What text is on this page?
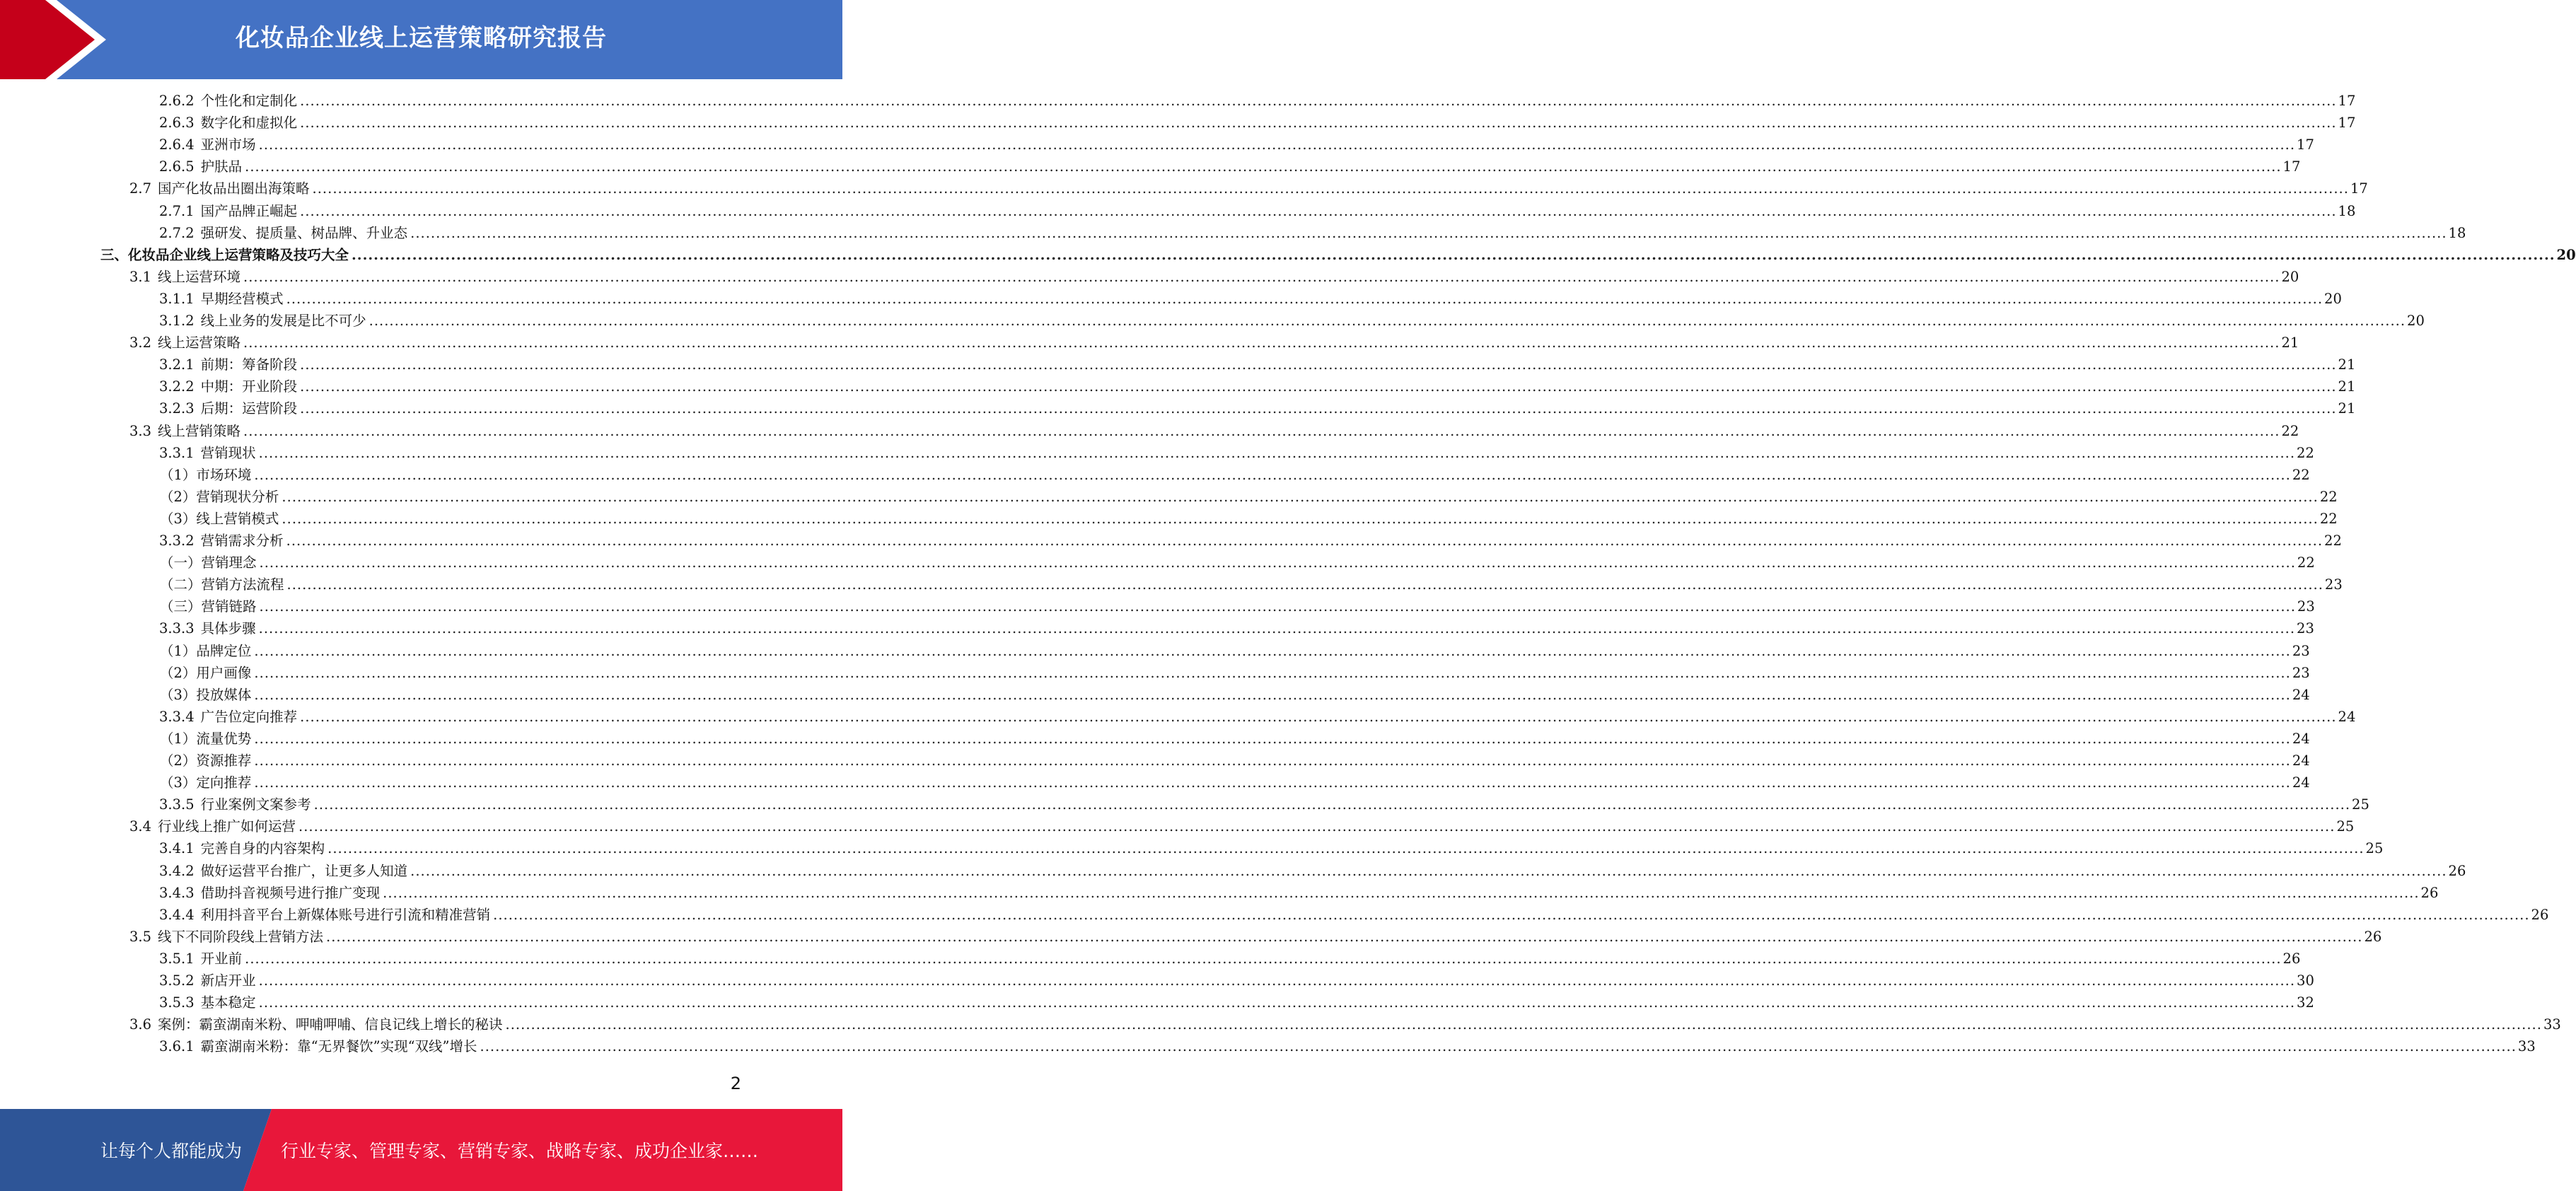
化妆品企业线上运营策略研究报告
2.6.2 个性化和定制化 ................................................................................................................................................................................................................................................................................................................................................................................................................ 17
2.6.3 数字化和虚拟化 ................................................................................................................................................................................................................................................................................................................................................................................................................ 17
2.6.4 亚洲市场 ................................................................................................................................................................................................................................................................................................................................................................................................................ 17
2.6.5 护肤品 ................................................................................................................................................................................................................................................................................................................................................................................................................ 17
2.7 国产化妆品出圈出海策略 ................................................................................................................................................................................................................................................................................................................................................................................................................ 17
2.7.1 国产品牌正崛起 ................................................................................................................................................................................................................................................................................................................................................................................................................ 18
2.7.2 强研发、提质量、树品牌、升业态 ................................................................................................................................................................................................................................................................................................................................................................................................................ 18
三、化妆品企业线上运营策略及技巧大全 ................................................................................................................................................................................................................................................................................................................................................................................................................ 20
3.1 线上运营环境 ................................................................................................................................................................................................................................................................................................................................................................................................................ 20
3.1.1 早期经营模式 ................................................................................................................................................................................................................................................................................................................................................................................................................ 20
3.1.2 线上业务的发展是比不可少 ................................................................................................................................................................................................................................................................................................................................................................................................................ 20
3.2 线上运营策略 ................................................................................................................................................................................................................................................................................................................................................................................................................ 21
3.2.1 前期：筹备阶段 ................................................................................................................................................................................................................................................................................................................................................................................................................ 21
3.2.2 中期：开业阶段 ................................................................................................................................................................................................................................................................................................................................................................................................................ 21
3.2.3 后期：运营阶段 ................................................................................................................................................................................................................................................................................................................................................................................................................ 21
3.3 线上营销策略 ................................................................................................................................................................................................................................................................................................................................................................................................................ 22
3.3.1 营销现状 ................................................................................................................................................................................................................................................................................................................................................................................................................ 22
（1）市场环境 ................................................................................................................................................................................................................................................................................................................................................................................................................ 22
（2）营销现状分析 ................................................................................................................................................................................................................................................................................................................................................................................................................ 22
（3）线上营销模式 ................................................................................................................................................................................................................................................................................................................................................................................................................ 22
3.3.2 营销需求分析 ................................................................................................................................................................................................................................................................................................................................................................................................................ 22
（一）营销理念 ................................................................................................................................................................................................................................................................................................................................................................................................................ 22
（二）营销方法流程 ................................................................................................................................................................................................................................................................................................................................................................................................................ 23
（三）营销链路 ................................................................................................................................................................................................................................................................................................................................................................................................................ 23
3.3.3 具体步骤 ................................................................................................................................................................................................................................................................................................................................................................................................................ 23
（1）品牌定位 ................................................................................................................................................................................................................................................................................................................................................................................................................ 23
（2）用户画像 ................................................................................................................................................................................................................................................................................................................................................................................................................ 23
（3）投放媒体 ................................................................................................................................................................................................................................................................................................................................................................................................................ 24
3.3.4 广告位定向推荐 ................................................................................................................................................................................................................................................................................................................................................................................................................ 24
（1）流量优势 ................................................................................................................................................................................................................................................................................................................................................................................................................ 24
（2）资源推荐 ................................................................................................................................................................................................................................................................................................................................................................................................................ 24
（3）定向推荐 ................................................................................................................................................................................................................................................................................................................................................................................................................ 24
3.3.5 行业案例文案参考 ................................................................................................................................................................................................................................................................................................................................................................................................................ 25
3.4 行业线上推广如何运营 ................................................................................................................................................................................................................................................................................................................................................................................................................ 25
3.4.1 完善自身的内容架构 ................................................................................................................................................................................................................................................................................................................................................................................................................ 25
3.4.2 做好运营平台推广，让更多人知道 ................................................................................................................................................................................................................................................................................................................................................................................................................ 26
3.4.3 借助抖音视频号进行推广变现 ................................................................................................................................................................................................................................................................................................................................................................................................................ 26
3.4.4 利用抖音平台上新媒体账号进行引流和精准营销 ................................................................................................................................................................................................................................................................................................................................................................................................................ 26
3.5 线下不同阶段线上营销方法 ................................................................................................................................................................................................................................................................................................................................................................................................................ 26
3.5.1 开业前 ................................................................................................................................................................................................................................................................................................................................................................................................................ 26
3.5.2 新店开业 ................................................................................................................................................................................................................................................................................................................................................................................................................ 30
3.5.3 基本稳定 ................................................................................................................................................................................................................................................................................................................................................................................................................ 32
3.6 案例：霸蛮湖南米粉、呷哺呷哺、信良记线上增长的秘诀 ................................................................................................................................................................................................................................................................................................................................................................................................................ 33
3.6.1 霸蛮湖南米粉：靠“无界餐饮”实现“双线”增长 ................................................................................................................................................................................................................................................................................................................................................................................................................ 33
2
让每个人都能成为 行业专家、管理专家、营销专家、战略专家、成功企业家……
